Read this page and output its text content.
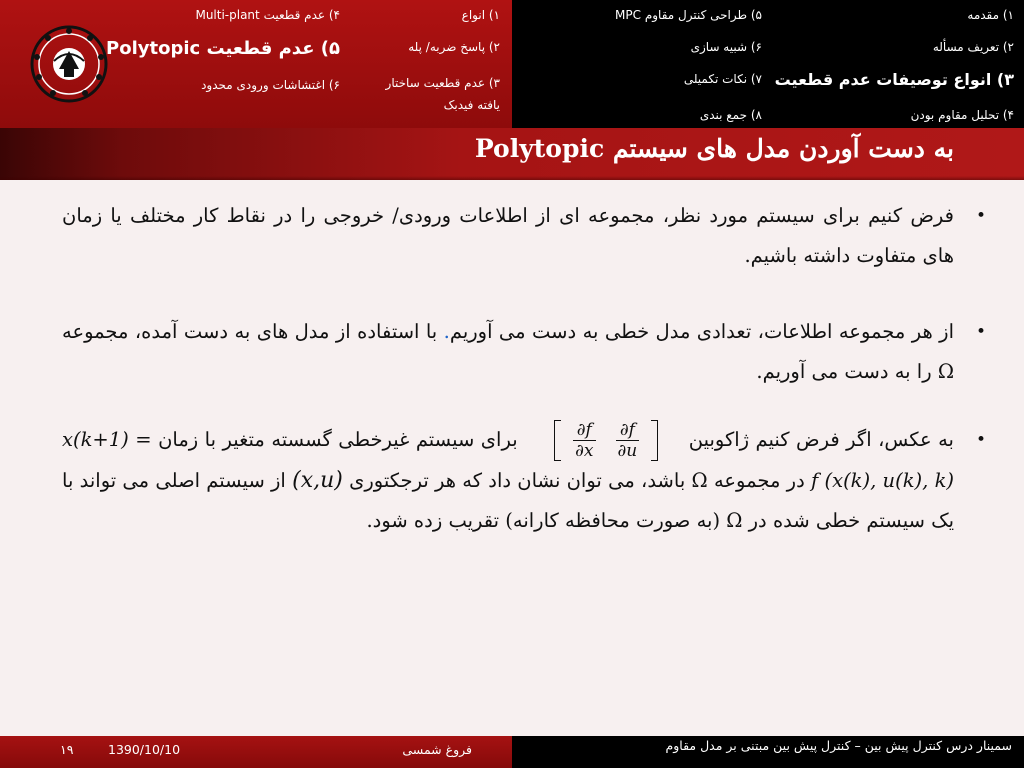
۱) مقدمه
۲) تعریف مسأله
۳) انواع توصیفات عدم قطعیت
۴) تحلیل مقاوم بودن
۵) طراحی کنترل مقاوم MPC
۶) شبیه سازی
۷) نکات تکمیلی
۸) جمع بندی
۱) انواع
۲) پاسخ ضربه/ پله
۳) عدم قطعیت ساختار یافته فیدبک
۴) عدم قطعیت Multi-plant
۵) عدم قطعیت Polytopic
۶) اغتشاشات ورودی محدود
به دست آوردن مدل های سیستم Polytopic

•
فرض کنیم برای سیستم مورد نظر، مجموعه ای از اطلاعات ورودی/ خروجی را در نقاط کار مختلف یا زمان های متفاوت داشته باشیم.

•
از هر مجموعه اطلاعات، تعدادی مدل خطی به دست می آوریم. با استفاده از مدل های به دست آمده، مجموعه Ω را به دست می آوریم.

•
به عکس، اگر فرض کنیم ژاکوبین
$\frac{\partial f}{\partial x} \frac{\partial f}{\partial u}$
برای سیستم غیرخطی گسسته متغیر با زمان x(k+1) = f (x(k), u(k), k) در مجموعه Ω باشد، می توان نشان داد که هر ترجکتوری (x,u) از سیستم اصلی می تواند با یک سیستم خطی شده در Ω (به صورت محافظه کارانه) تقریب زده شود.

فروغ شمسی
1390/10/10
۱۹	سمینار درس کنترل پیش بین – کنترل پیش بین مبتنی بر مدل مقاوم
